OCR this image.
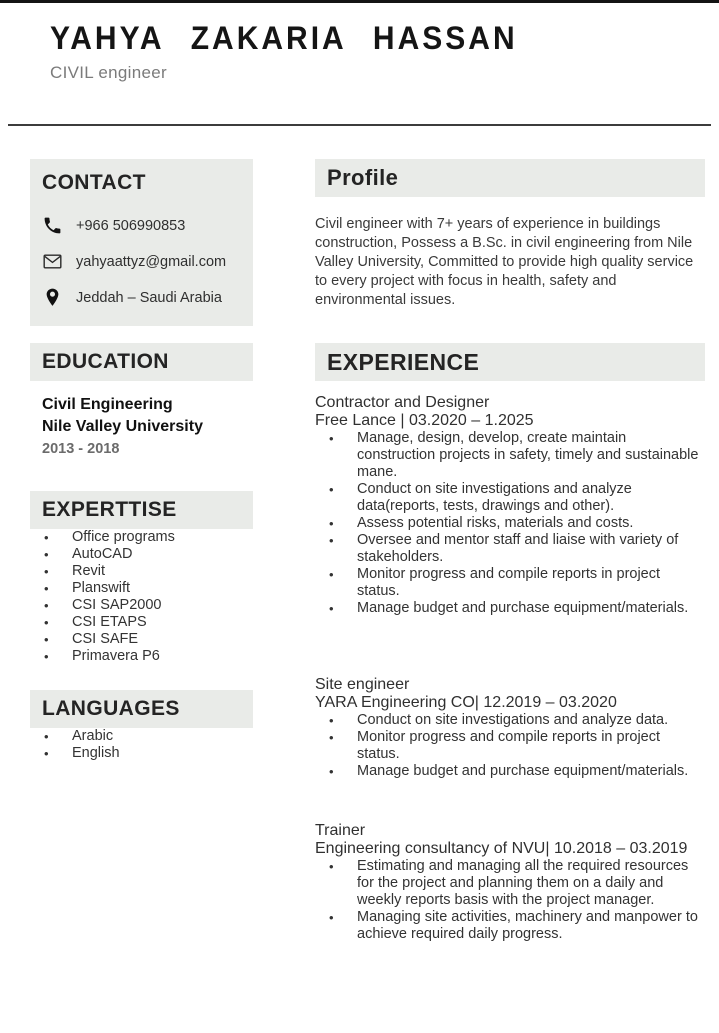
YAHYA ZAKARIA HASSAN
CIVIL engineer
CONTACT
+966 506990853
yahyaattyz@gmail.com
Jeddah – Saudi Arabia
EDUCATION
Civil Engineering
Nile Valley University
2013 - 2018
EXPERTTISE
• Office programs
• AutoCAD
• Revit
• Planswift
• CSI SAP2000
• CSI ETAPS
• CSI SAFE
• Primavera P6
LANGUAGES
• Arabic
• English
Profile

Civil engineer with 7+ years of experience in buildings construction, Possess a B.Sc. in civil engineering from Nile Valley University, Committed to provide high quality service to every project with focus in health, safety and environmental issues.

EXPERIENCE
Contractor and Designer
Free Lance | 03.2020 – 1.2025
• Manage, design, develop, create maintain construction projects in safety, timely and sustainable mane.
• Conduct on site investigations and analyze data(reports, tests, drawings and other).
• Assess potential risks, materials and costs.
• Oversee and mentor staff and liaise with variety of stakeholders.
• Monitor progress and compile reports in project status.
• Manage budget and purchase equipment/materials.
Site engineer
YARA Engineering CO| 12.2019 – 03.2020
• Conduct on site investigations and analyze data.
• Monitor progress and compile reports in project status.
• Manage budget and purchase equipment/materials.
Trainer
Engineering consultancy of NVU| 10.2018 – 03.2019
• Estimating and managing all the required resources for the project and planning them on a daily and weekly reports basis with the project manager.
• Managing site activities, machinery and manpower to achieve required daily progress.
